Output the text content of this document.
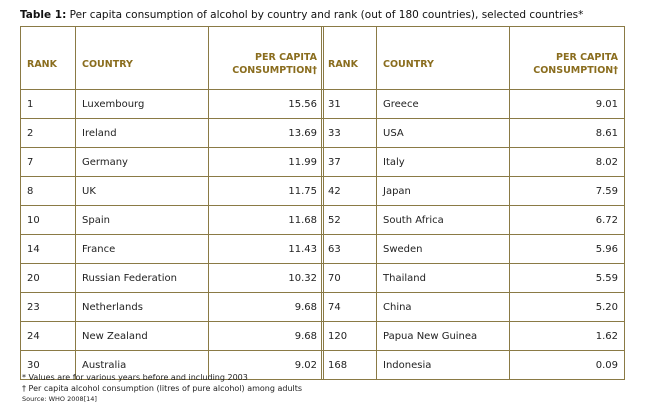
Table 1: Per capita consumption of alcohol by country and rank (out of 180 countries), selected countries*
RANK	COUNTRY	PER CAPITA
CONSUMPTION†
1	Luxembourg	15.56
2	Ireland	13.69
7	Germany	11.99
8	UK	11.75
10	Spain	11.68
14	France	11.43
20	Russian Federation	10.32
23	Netherlands	9.68
24	New Zealand	9.68
30	Australia	9.02
RANK	COUNTRY	PER CAPITA
CONSUMPTION†
31	Greece	9.01
33	USA	8.61
37	Italy	8.02
42	Japan	7.59
52	South Africa	6.72
63	Sweden	5.96
70	Thailand	5.59
74	China	5.20
120	Papua New Guinea	1.62
168	Indonesia	0.09
* Values are for various years before and including 2003
† Per capita alcohol consumption (litres of pure alcohol) among adults
Source: WHO 2008[14]
